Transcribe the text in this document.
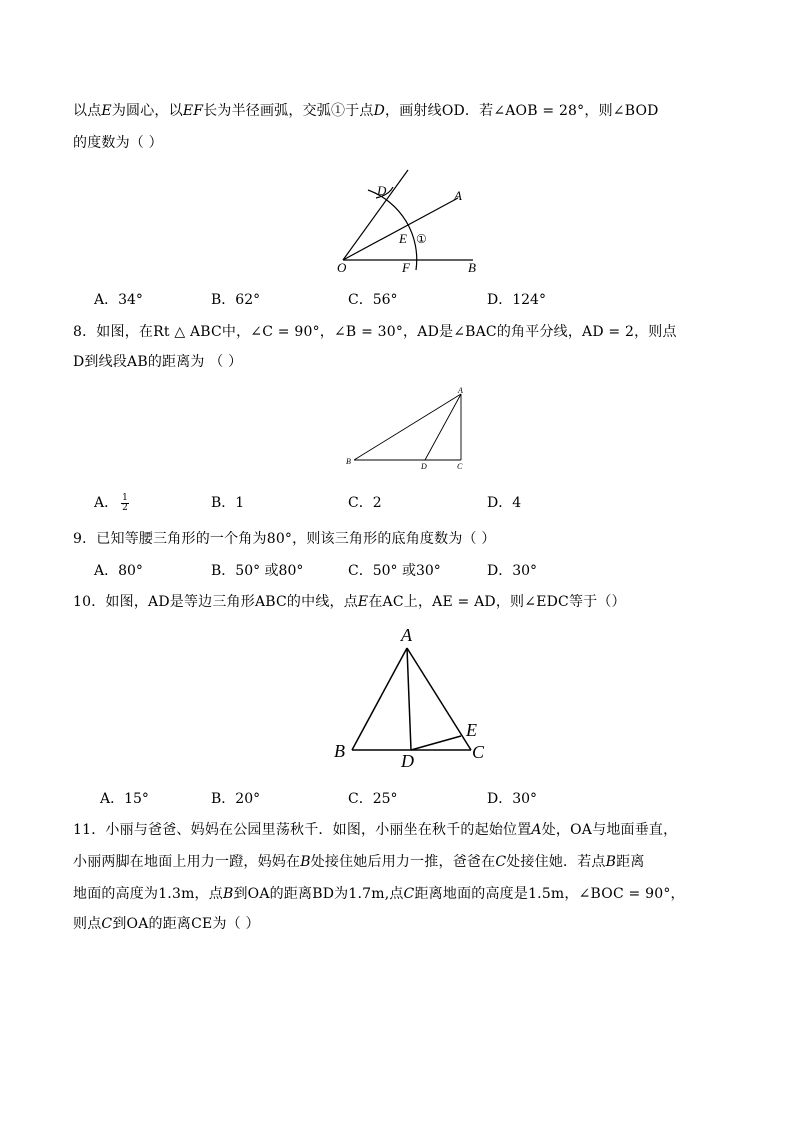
以点E为圆心，以EF长为半径画弧，交弧①于点D，画射线OD．若∠AOB = 28°，则∠BOD
的度数为（ ）
D	A
E
O	F	B
①
A．34°	B．62°	C．56°	D．124°
8．如图，在Rt △ ABC中，∠C = 90°，∠B = 30°，AD是∠BAC的角平分线，AD = 2，则点
D到线段AB的距离为 （ ）
A
B
D	C
A． $\frac{1}{2}$	B．1	C．2	D．4
9．已知等腰三角形的一个角为80°，则该三角形的底角度数为（ ）
A．80°	B．50° 或80°	C．50° 或30°	D．30°
10．如图，AD是等边三角形ABC的中线，点E在AC上，AE = AD，则∠EDC等于（）
A
B	D	C
E
A．15°	B．20°	C．25°	D．30°
11．小丽与爸爸、妈妈在公园里荡秋千．如图，小丽坐在秋千的起始位置A处，OA与地面垂直，
小丽两脚在地面上用力一蹬，妈妈在B处接住她后用力一推，爸爸在C处接住她．若点B距离
地面的高度为1.3m，点B到OA的距离BD为1.7m,点C距离地面的高度是1.5m，∠BOC = 90°，
则点C到OA的距离CE为（ ）
